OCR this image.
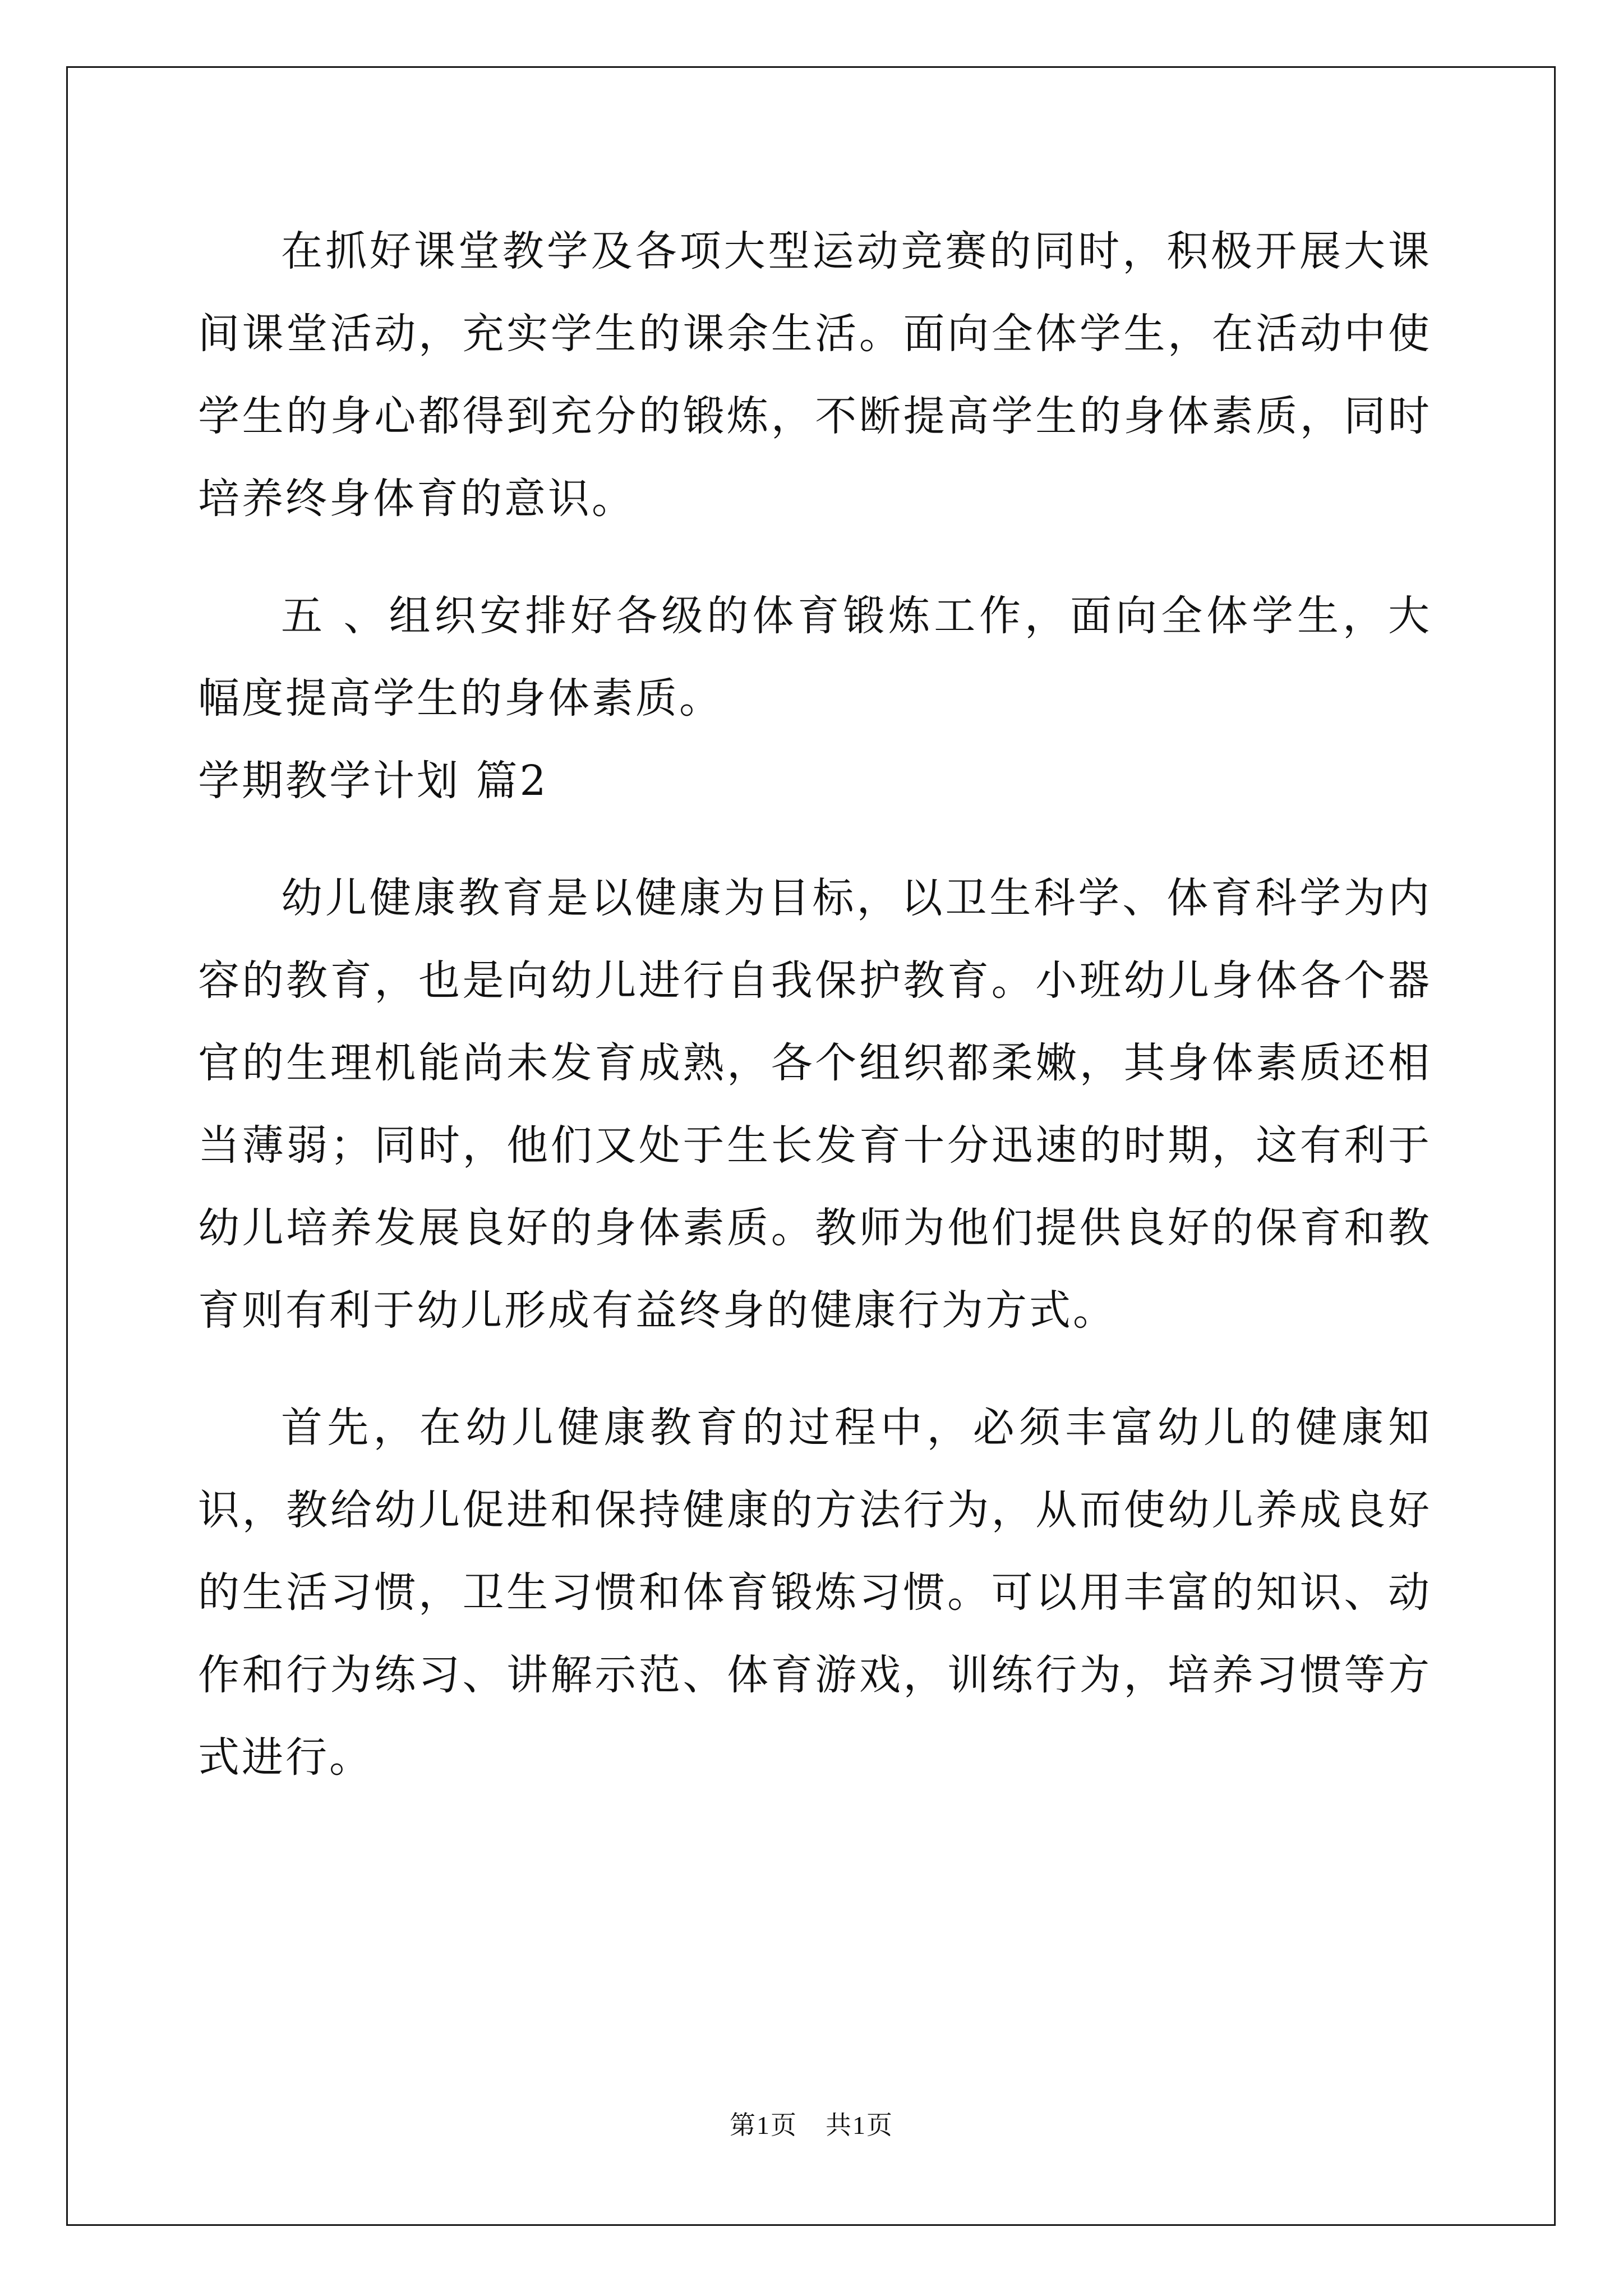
在抓好课堂教学及各项大型运动竞赛的同时，积极开展大课间课堂活动，充实学生的课余生活。面向全体学生，在活动中使学生的身心都得到充分的锻炼，不断提高学生的身体素质，同时培养终身体育的意识。

五 、组织安排好各级的体育锻炼工作，面向全体学生，大幅度提高学生的身体素质。

学期教学计划 篇2

幼儿健康教育是以健康为目标，以卫生科学、体育科学为内容的教育，也是向幼儿进行自我保护教育。小班幼儿身体各个器官的生理机能尚未发育成熟，各个组织都柔嫩，其身体素质还相当薄弱；同时，他们又处于生长发育十分迅速的时期，这有利于幼儿培养发展良好的身体素质。教师为他们提供良好的保育和教育则有利于幼儿形成有益终身的健康行为方式。

首先，在幼儿健康教育的过程中，必须丰富幼儿的健康知识，教给幼儿促进和保持健康的方法行为，从而使幼儿养成良好的生活习惯，卫生习惯和体育锻炼习惯。可以用丰富的知识、动作和行为练习、讲解示范、体育游戏，训练行为，培养习惯等方式进行。

第1页 共1页
